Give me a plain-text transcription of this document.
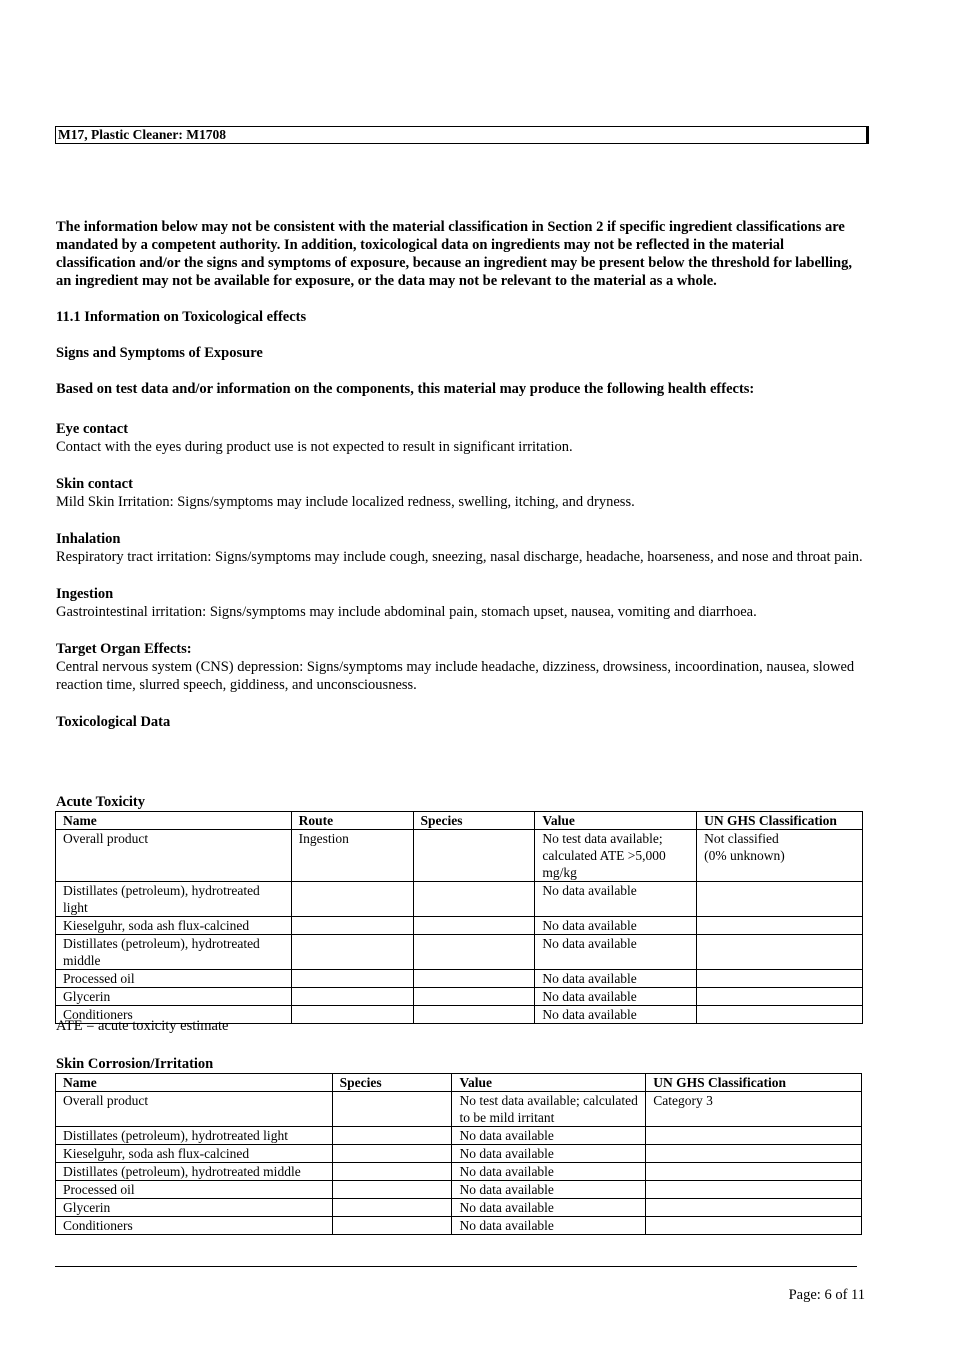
M17, Plastic Cleaner: M1708

The information below may not be consistent with the material classification in Section 2 if specific ingredient classifications are mandated by a competent authority. In addition, toxicological data on ingredients may not be reflected in the material classification and/or the signs and symptoms of exposure, because an ingredient may be present below the threshold for labelling, an ingredient may not be available for exposure, or the data may not be relevant to the material as a whole.

11.1 Information on Toxicological effects

Signs and Symptoms of Exposure

Based on test data and/or information on the components, this material may produce the following health effects:

Eye contact

Contact with the eyes during product use is not expected to result in significant irritation.

Skin contact

Mild Skin Irritation: Signs/symptoms may include localized redness, swelling, itching, and dryness.

Inhalation

Respiratory tract irritation: Signs/symptoms may include cough, sneezing, nasal discharge, headache, hoarseness, and nose and throat pain.

Ingestion

Gastrointestinal irritation: Signs/symptoms may include abdominal pain, stomach upset, nausea, vomiting and diarrhoea.

Target Organ Effects:

Central nervous system (CNS) depression: Signs/symptoms may include headache, dizziness, drowsiness, incoordination, nausea, slowed reaction time, slurred speech, giddiness, and unconsciousness.

Toxicological Data

Acute Toxicity
Name	Route	Species	Value	UN GHS Classification
Overall product	Ingestion		No test data available; calculated ATE >5,000 mg/kg	Not classified
(0% unknown)
Distillates (petroleum), hydrotreated light			No data available	
Kieselguhr, soda ash flux-calcined			No data available	
Distillates (petroleum), hydrotreated middle			No data available	
Processed oil			No data available	
Glycerin			No data available	
Conditioners			No data available	
ATE = acute toxicity estimate
Skin Corrosion/Irritation
Name	Species	Value	UN GHS Classification
Overall product		No test data available; calculated to be mild irritant	Category 3
Distillates (petroleum), hydrotreated light		No data available	
Kieselguhr, soda ash flux-calcined		No data available	
Distillates (petroleum), hydrotreated middle		No data available	
Processed oil		No data available	
Glycerin		No data available	
Conditioners		No data available	
Page: 6 of 11
